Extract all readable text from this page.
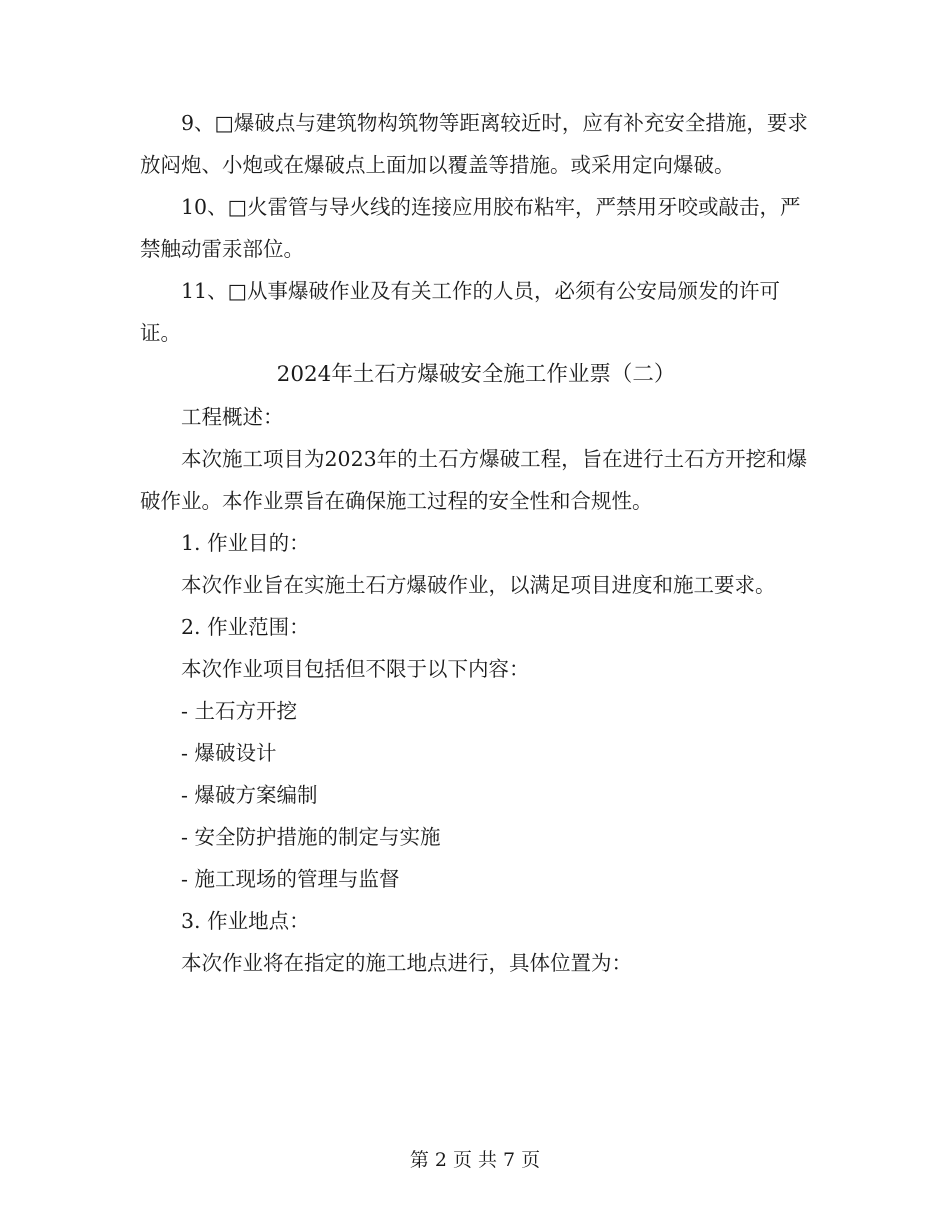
9、□爆破点与建筑物构筑物等距离较近时，应有补充安全措施，要求放闷炮、小炮或在爆破点上面加以覆盖等措施。或采用定向爆破。

10、□火雷管与导火线的连接应用胶布粘牢，严禁用牙咬或敲击，严禁触动雷汞部位。

11、□从事爆破作业及有关工作的人员，必须有公安局颁发的许可证。

2024年土石方爆破安全施工作业票（二）

工程概述：

本次施工项目为2023年的土石方爆破工程，旨在进行土石方开挖和爆破作业。本作业票旨在确保施工过程的安全性和合规性。

1. 作业目的：

本次作业旨在实施土石方爆破作业，以满足项目进度和施工要求。

2. 作业范围：

本次作业项目包括但不限于以下内容：

- 土石方开挖

- 爆破设计

- 爆破方案编制

- 安全防护措施的制定与实施

- 施工现场的管理与监督

3. 作业地点：

本次作业将在指定的施工地点进行，具体位置为：

第 2 页 共 7 页
